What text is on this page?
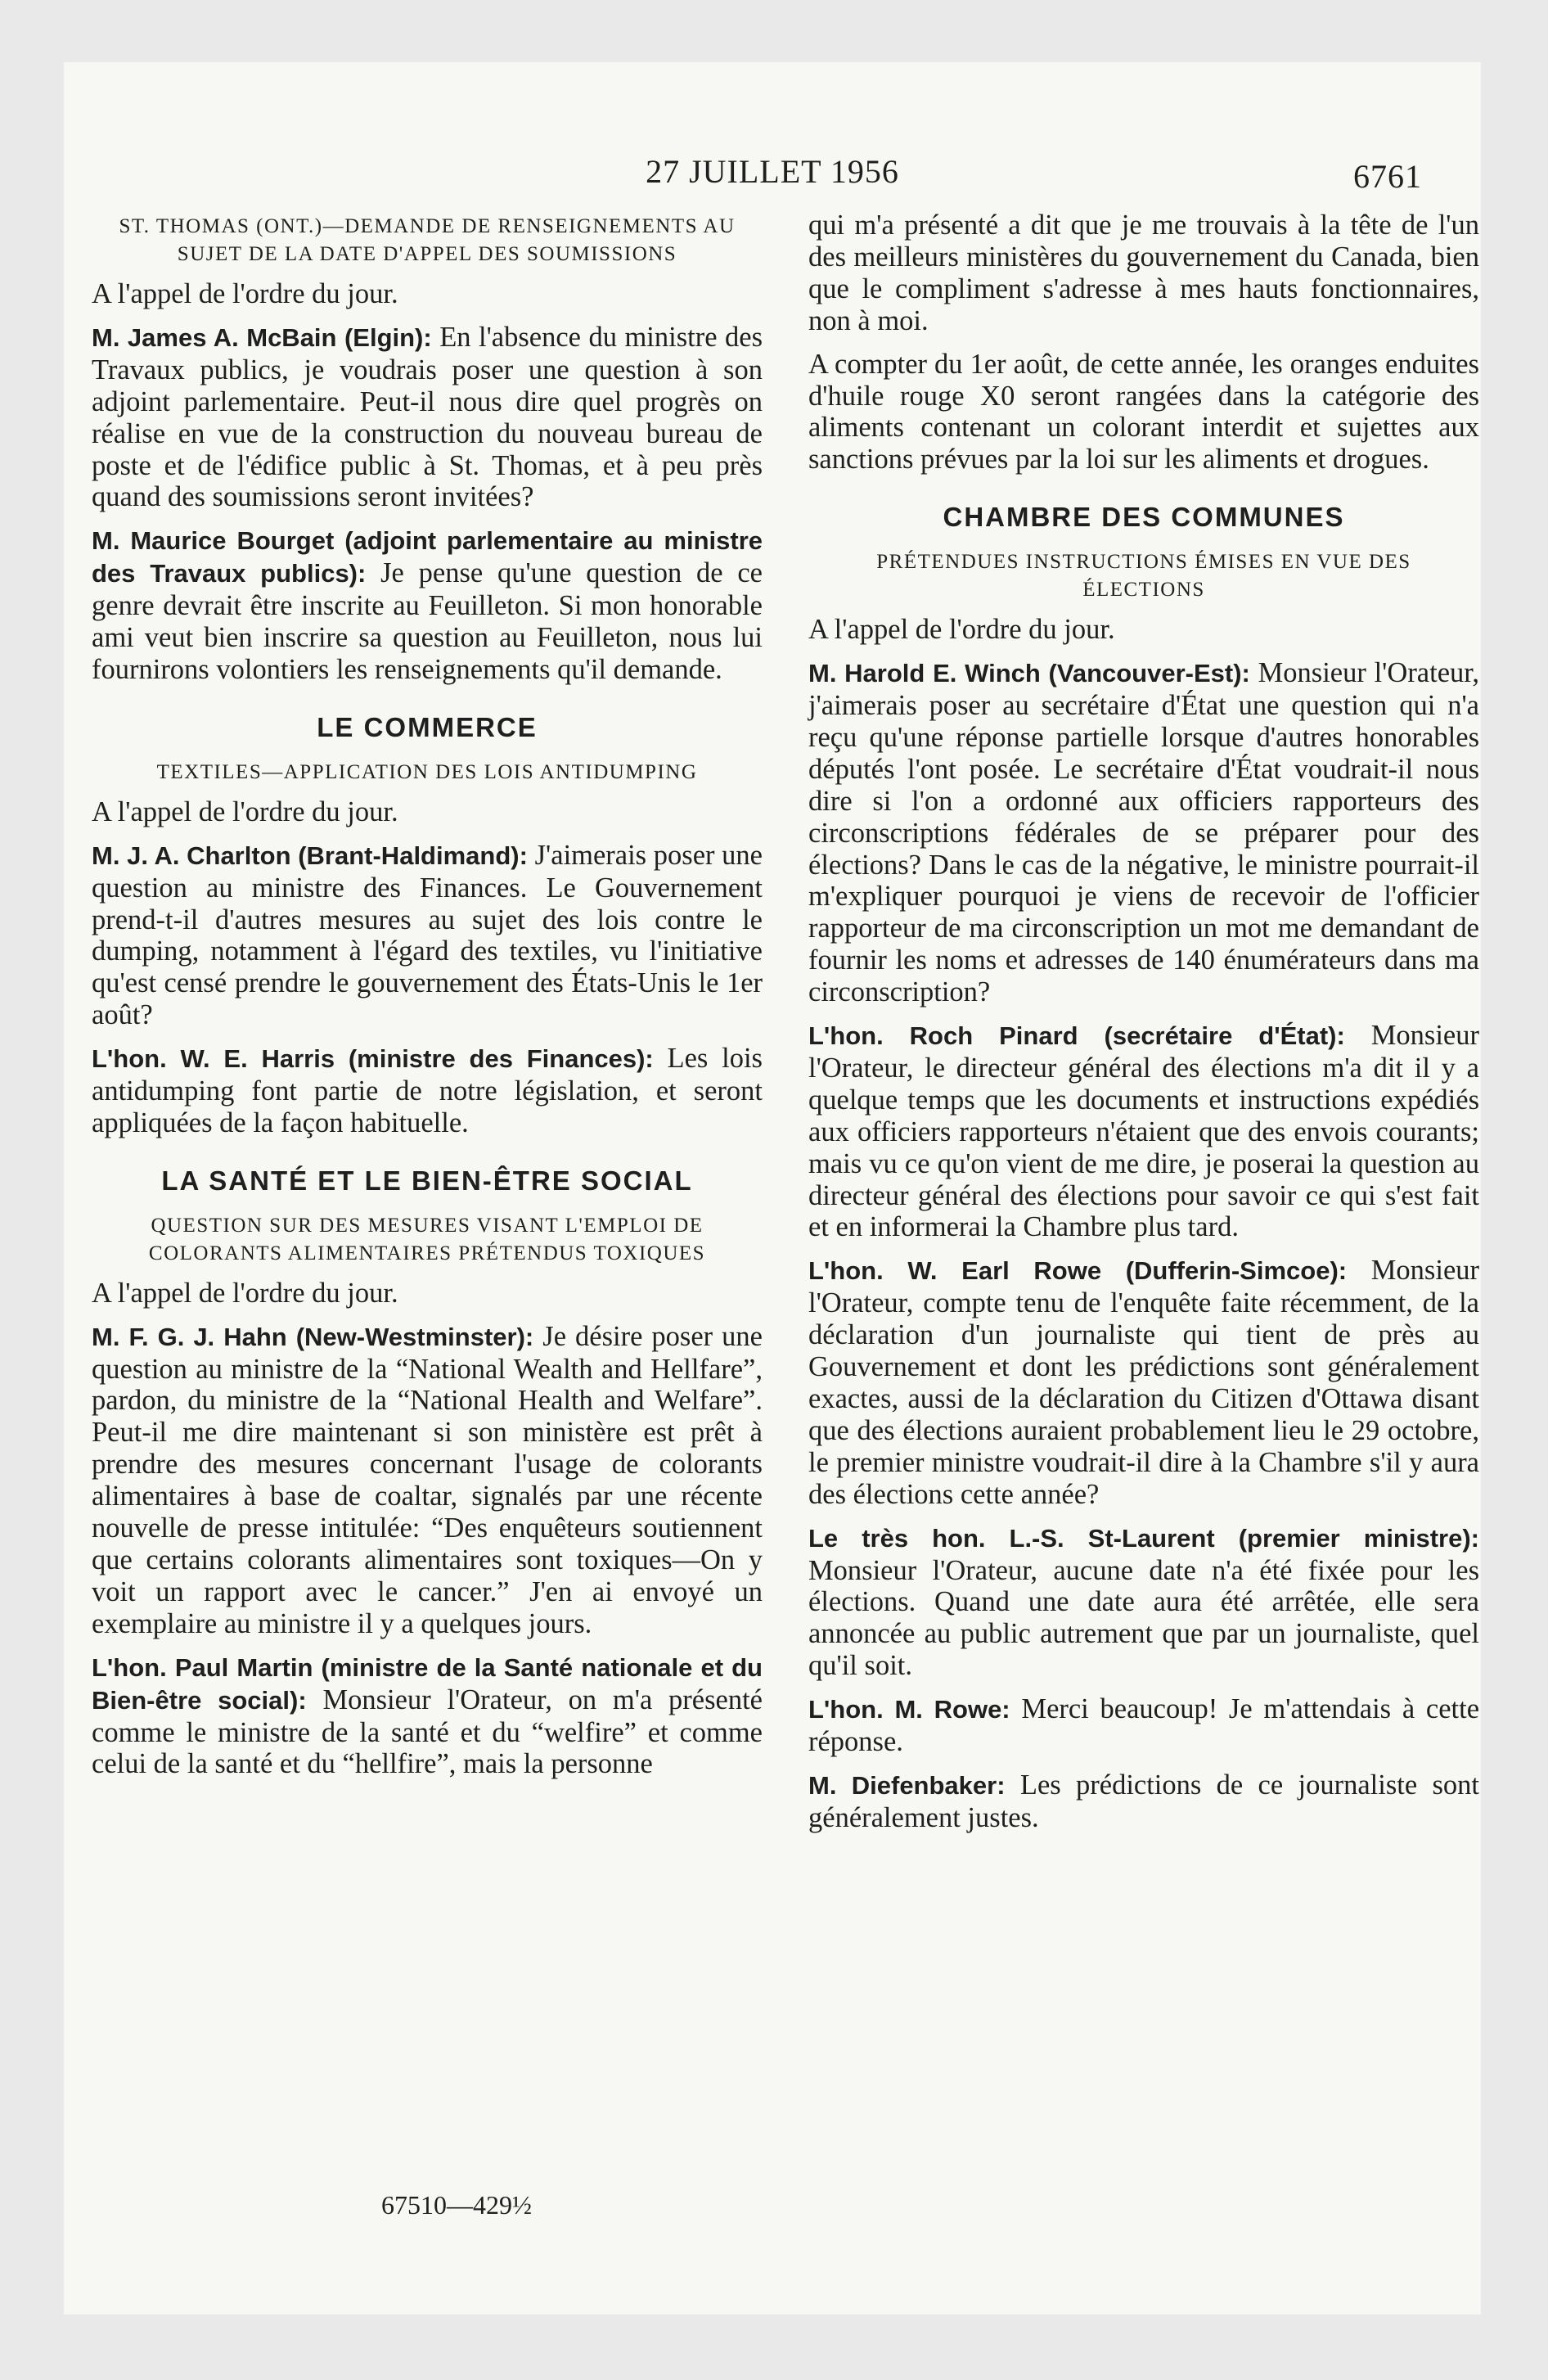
27 JUILLET 1956	6761
ST. THOMAS (ONT.)—DEMANDE DE RENSEIGNEMENTS AU SUJET DE LA DATE D'APPEL DES SOUMISSIONS

A l'appel de l'ordre du jour.

M. James A. McBain (Elgin): En l'absence du ministre des Travaux publics, je voudrais poser une question à son adjoint parlementaire. Peut-il nous dire quel progrès on réalise en vue de la construction du nouveau bureau de poste et de l'édifice public à St. Thomas, et à peu près quand des soumissions seront invitées?

M. Maurice Bourget (adjoint parlementaire au ministre des Travaux publics): Je pense qu'une question de ce genre devrait être inscrite au Feuilleton. Si mon honorable ami veut bien inscrire sa question au Feuilleton, nous lui fournirons volontiers les renseignements qu'il demande.

LE COMMERCE
TEXTILES—APPLICATION DES LOIS ANTIDUMPING

A l'appel de l'ordre du jour.

M. J. A. Charlton (Brant-Haldimand): J'aimerais poser une question au ministre des Finances. Le Gouvernement prend-t-il d'autres mesures au sujet des lois contre le dumping, notamment à l'égard des textiles, vu l'initiative qu'est censé prendre le gouvernement des États-Unis le 1er août?

L'hon. W. E. Harris (ministre des Finances): Les lois antidumping font partie de notre législation, et seront appliquées de la façon habituelle.

LA SANTÉ ET LE BIEN-ÊTRE SOCIAL
QUESTION SUR DES MESURES VISANT L'EMPLOI DE COLORANTS ALIMENTAIRES PRÉTENDUS TOXIQUES

A l'appel de l'ordre du jour.

M. F. G. J. Hahn (New-Westminster): Je désire poser une question au ministre de la “National Wealth and Hellfare”, pardon, du ministre de la “National Health and Welfare”. Peut-il me dire maintenant si son ministère est prêt à prendre des mesures concernant l'usage de colorants alimentaires à base de coaltar, signalés par une récente nouvelle de presse intitulée: “Des enquêteurs soutiennent que certains colorants alimentaires sont toxiques—On y voit un rapport avec le cancer.” J'en ai envoyé un exemplaire au ministre il y a quelques jours.

L'hon. Paul Martin (ministre de la Santé nationale et du Bien-être social): Monsieur l'Orateur, on m'a présenté comme le ministre de la santé et du “welfire” et comme celui de la santé et du “hellfire”, mais la personne

qui m'a présenté a dit que je me trouvais à la tête de l'un des meilleurs ministères du gouvernement du Canada, bien que le compliment s'adresse à mes hauts fonctionnaires, non à moi.

A compter du 1er août, de cette année, les oranges enduites d'huile rouge X0 seront rangées dans la catégorie des aliments contenant un colorant interdit et sujettes aux sanctions prévues par la loi sur les aliments et drogues.

CHAMBRE DES COMMUNES
PRÉTENDUES INSTRUCTIONS ÉMISES EN VUE DES ÉLECTIONS

A l'appel de l'ordre du jour.

M. Harold E. Winch (Vancouver-Est): Monsieur l'Orateur, j'aimerais poser au secrétaire d'État une question qui n'a reçu qu'une réponse partielle lorsque d'autres honorables députés l'ont posée. Le secrétaire d'État voudrait-il nous dire si l'on a ordonné aux officiers rapporteurs des circonscriptions fédérales de se préparer pour des élections? Dans le cas de la négative, le ministre pourrait-il m'expliquer pourquoi je viens de recevoir de l'officier rapporteur de ma circonscription un mot me demandant de fournir les noms et adresses de 140 énumérateurs dans ma circonscription?

L'hon. Roch Pinard (secrétaire d'État): Monsieur l'Orateur, le directeur général des élections m'a dit il y a quelque temps que les documents et instructions expédiés aux officiers rapporteurs n'étaient que des envois courants; mais vu ce qu'on vient de me dire, je poserai la question au directeur général des élections pour savoir ce qui s'est fait et en informerai la Chambre plus tard.

L'hon. W. Earl Rowe (Dufferin-Simcoe): Monsieur l'Orateur, compte tenu de l'enquête faite récemment, de la déclaration d'un journaliste qui tient de près au Gouvernement et dont les prédictions sont généralement exactes, aussi de la déclaration du Citizen d'Ottawa disant que des élections auraient probablement lieu le 29 octobre, le premier ministre voudrait-il dire à la Chambre s'il y aura des élections cette année?

Le très hon. L.-S. St-Laurent (premier ministre): Monsieur l'Orateur, aucune date n'a été fixée pour les élections. Quand une date aura été arrêtée, elle sera annoncée au public autrement que par un journaliste, quel qu'il soit.

L'hon. M. Rowe: Merci beaucoup! Je m'attendais à cette réponse.

M. Diefenbaker: Les prédictions de ce journaliste sont généralement justes.

67510—429½
